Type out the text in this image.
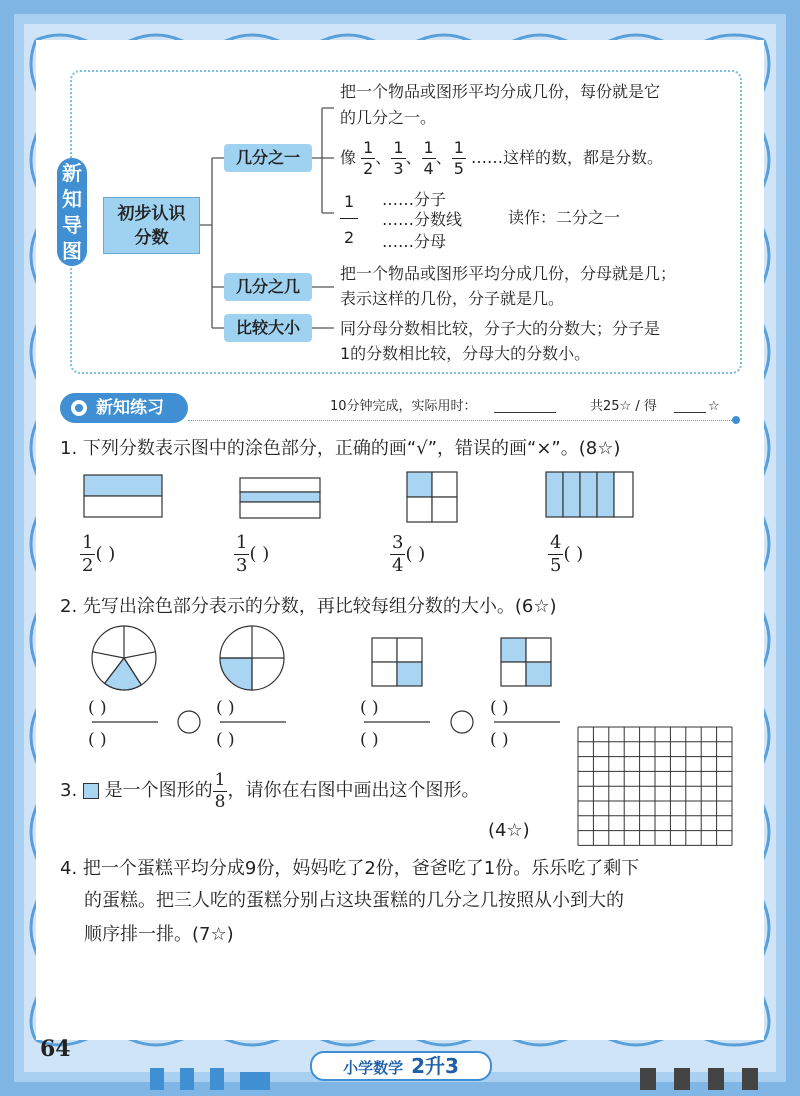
新
知
导
图
初步认识
分数
几分之一
几分之几
比较大小
把一个物品或图形平均分成几份，每份就是它
的几分之一。
像 $\frac{1}{2}$ 、 $\frac{1}{3}$ 、 $\frac{1}{4}$ 、 $\frac{1}{5}$ ……这样的数，都是分数。
1
2
……分子
……分数线
……分母
读作：二分之一
把一个物品或图形平均分成几份，分母就是几；
表示这样的几份，分子就是几。
同分母分数相比较，分子大的分数大；分子是
1的分数相比较，分母大的分数小。
新知练习	10分钟完成，实际用时：	共25☆ / 得	☆
1. 下列分数表示图中的涂色部分，正确的画“√”，错误的画“×”。(8☆)
$\frac{1}{2}$ ( )	$\frac{1}{3}$ ( )	$\frac{3}{4}$ ( )	$\frac{4}{5}$ ( )
2. 先写出涂色部分表示的分数，再比较每组分数的大小。(6☆)
( )
( )
( )
( )
( )
( )
( )
( )
3. 是一个图形的 $\frac{1}{8}$ ，请你在右图中画出这个图形。
(4☆)
4. 把一个蛋糕平均分成9份，妈妈吃了2份，爸爸吃了1份。乐乐吃了剩下
的蛋糕。把三人吃的蛋糕分别占这块蛋糕的几分之几按照从小到大的
顺序排一排。(7☆)
64
小学数学 2升3
